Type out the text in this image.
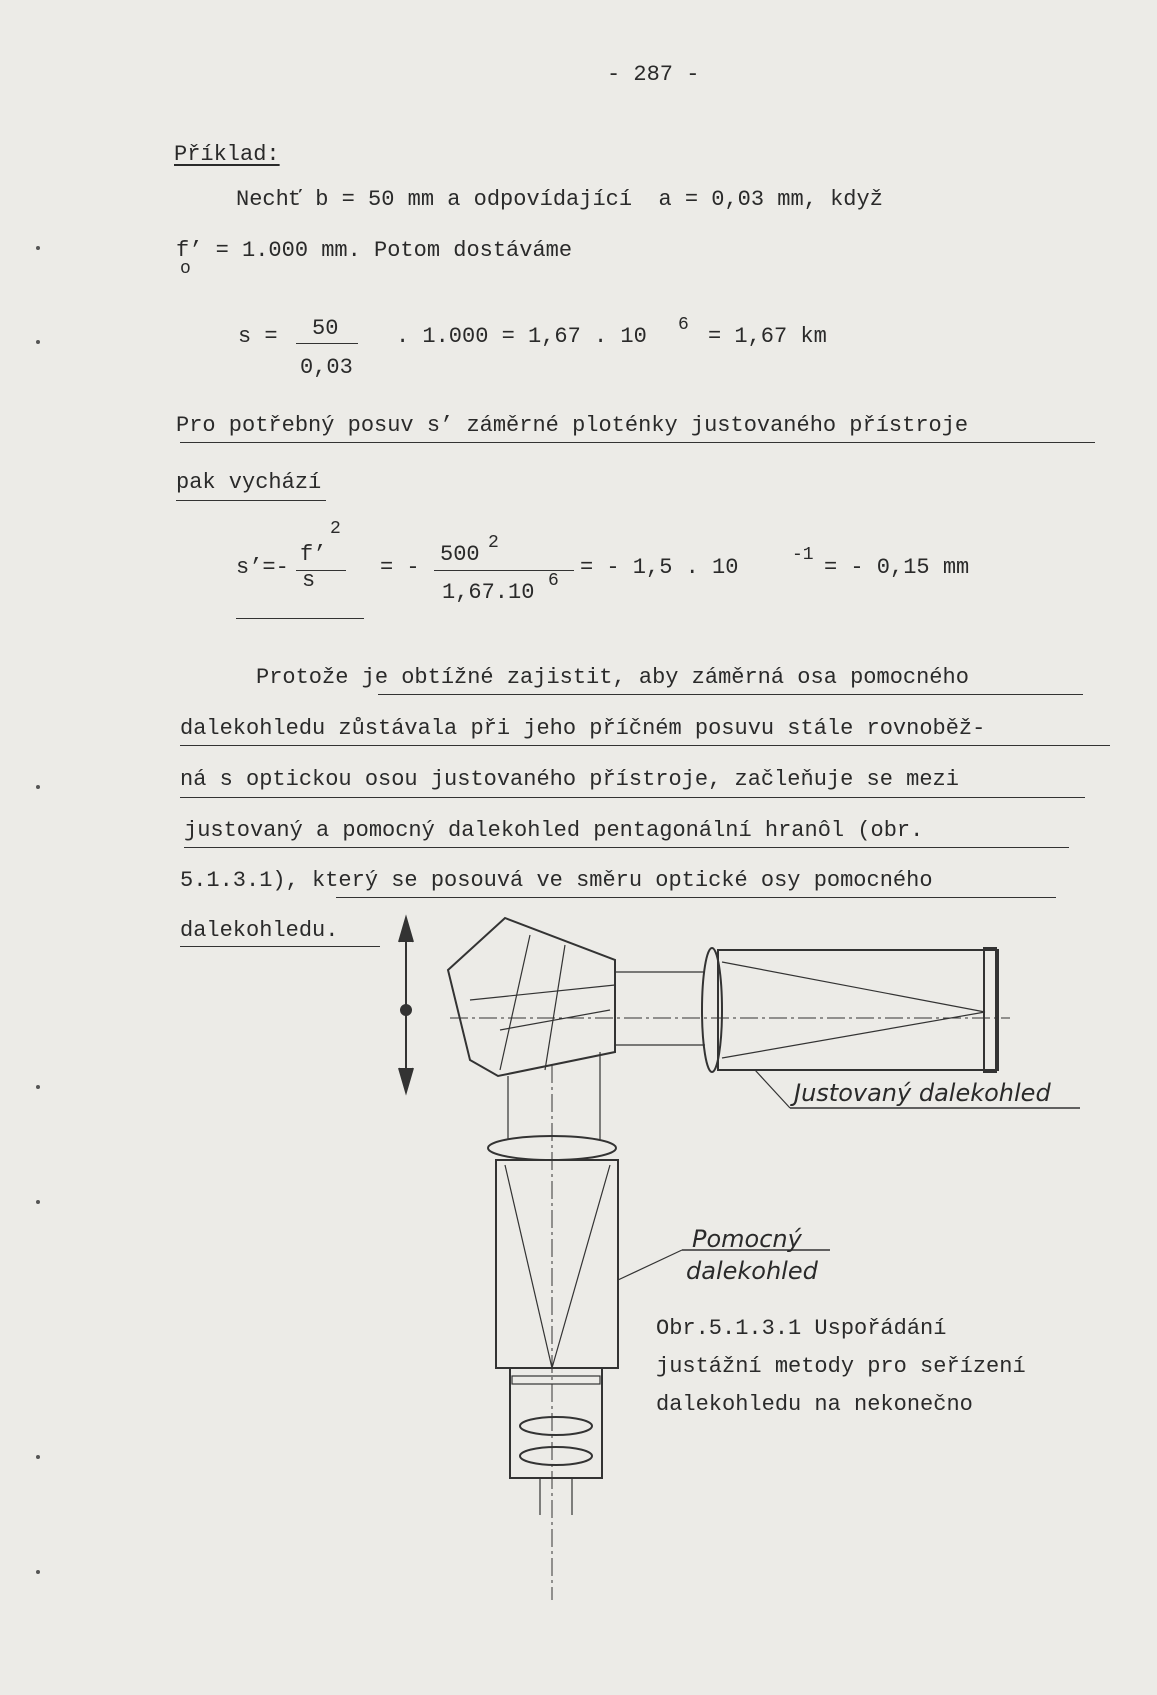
- 287 -
Příklad:
Nechť b = 50 mm a odpovídající  a = 0,03 mm, když
f’ = 1.000 mm. Potom dostáváme
o
s = 50
0,03
. 1.000 = 1,67 . 10 6 = 1,67 km
Pro potřebný posuv s’ záměrné ploténky justovaného přístroje
pak vychází
2
s’=-
f’
s
= -
500 2
1,67.10 6
= - 1,5 . 10	-1 = - 0,15 mm
Protože je obtížné zajistit, aby záměrná osa pomocného
dalekohledu zůstávala při jeho příčném posuvu stále rovnoběž-
ná s optickou osou justovaného přístroje, začleňuje se mezi
justovaný a pomocný dalekohled pentagonální hranôl (obr.
5.1.3.1), který se posouvá ve směru optické osy pomocného
dalekohledu.
Justovaný dalekohled
Pomocný
dalekohled
Obr.5.1.3.1 Uspořádání
justážní metody pro seřízení
dalekohledu na nekonečno
